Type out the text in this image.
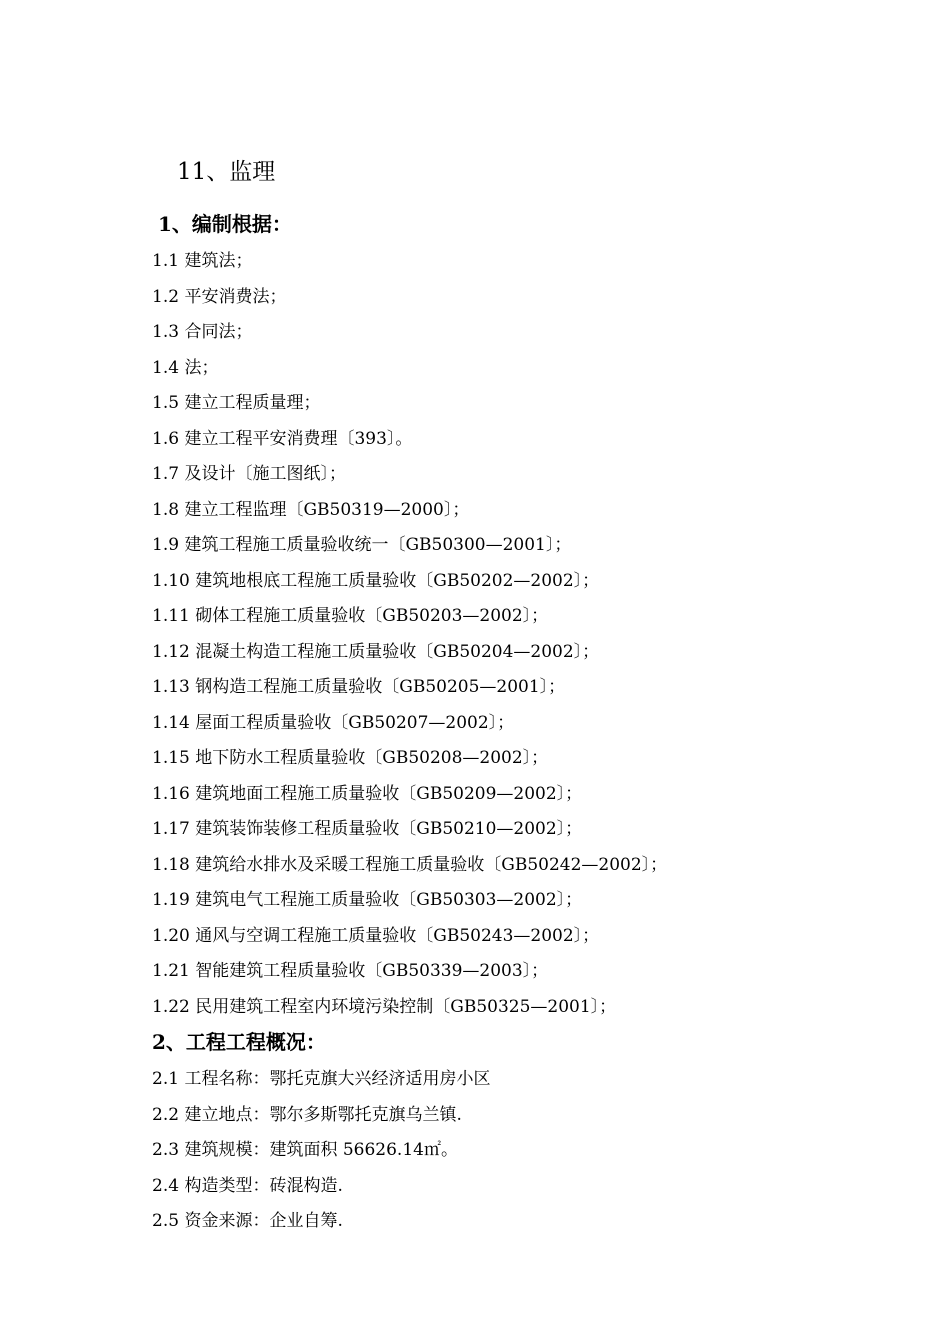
11、监理
1、编制根据：
1.1 建筑法；
1.2 平安消费法；
1.3 合同法；
1.4 法；
1.5 建立工程质量理；
1.6 建立工程平安消费理〔393〕。
1.7 及设计〔施工图纸〕；
1.8 建立工程监理〔GB50319—2000〕；
1.9 建筑工程施工质量验收统一〔GB50300—2001〕；
1.10 建筑地根底工程施工质量验收〔GB50202—2002〕；
1.11 砌体工程施工质量验收〔GB50203—2002〕；
1.12 混凝土构造工程施工质量验收〔GB50204—2002〕；
1.13 钢构造工程施工质量验收〔GB50205—2001〕；
1.14 屋面工程质量验收〔GB50207—2002〕；
1.15 地下防水工程质量验收〔GB50208—2002〕；
1.16 建筑地面工程施工质量验收〔GB50209—2002〕；
1.17 建筑装饰装修工程质量验收〔GB50210—2002〕；
1.18 建筑给水排水及采暖工程施工质量验收〔GB50242—2002〕；
1.19 建筑电气工程施工质量验收〔GB50303—2002〕；
1.20 通风与空调工程施工质量验收〔GB50243—2002〕；
1.21 智能建筑工程质量验收〔GB50339—2003〕；
1.22 民用建筑工程室内环境污染控制〔GB50325—2001〕；
2、工程工程概况：
2.1 工程名称：鄂托克旗大兴经济适用房小区
2.2 建立地点：鄂尔多斯鄂托克旗乌兰镇.
2.3 建筑规模：建筑面积 56626.14㎡。
2.4 构造类型：砖混构造.
2.5 资金来源：企业自筹.
